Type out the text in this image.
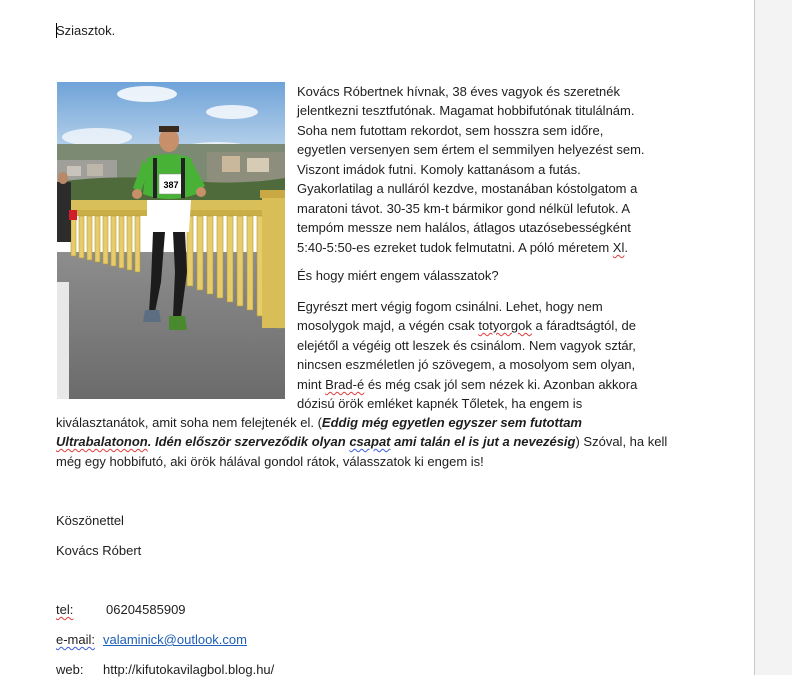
Sziasztok.
387
Kovács Róbertnek hívnak, 38 éves vagyok és szeretnék
jelentkezni tesztfutónak. Magamat hobbifutónak titulálnám.
Soha nem futottam rekordot, sem hosszra sem időre,
egyetlen versenyen sem értem el semmilyen helyezést sem.
Viszont imádok futni. Komoly kattanásom a futás.
Gyakorlatilag a nulláról kezdve, mostanában kóstolgatom a
maratoni távot. 30-35 km-t bármikor gond nélkül lefutok. A
tempóm messze nem halálos, átlagos utazósebességként
5:40-5:50-es ezreket tudok felmutatni. A póló méretem Xl.
És hogy miért engem válasszatok?
Egyrészt mert végig fogom csinálni. Lehet, hogy nem
mosolygok majd, a végén csak totyorgok a fáradtságtól, de
elejétől a végéig ott leszek és csinálom. Nem vagyok sztár,
nincsen eszméletlen jó szövegem, a mosolyom sem olyan,
mint Brad-é és még csak jól sem nézek ki. Azonban akkora
dózisú örök emléket kapnék Tőletek, ha engem is
kiválasztanátok, amit soha nem felejtenék el. (Eddig még egyetlen egyszer sem futottam
Ultrabalatonon. Idén először szerveződik olyan csapat ami talán el is jut a nevezésig) Szóval, ha kell
még egy hobbifutó, aki örök hálával gondol rátok, válasszatok ki engem is!
Köszönettel
Kovács Róbert
tel:	06204585909
e-mail: valaminick@outlook.com
web: http://kifutokavilagbol.blog.hu/
